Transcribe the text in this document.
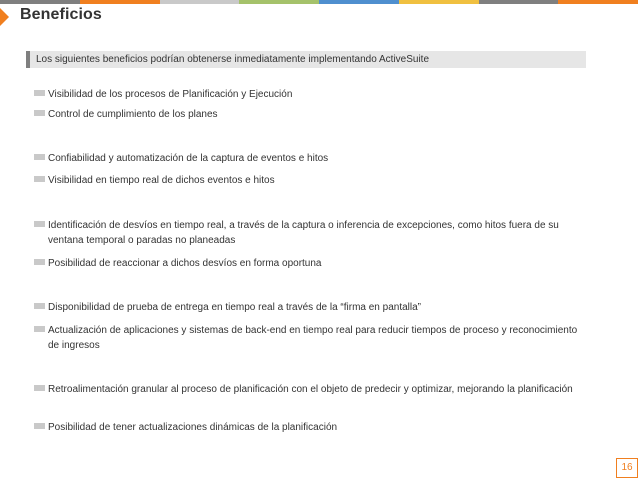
Beneficios
Los siguientes beneficios podrían obtenerse inmediatamente implementando ActiveSuite
Visibilidad de los procesos de Planificación y Ejecución
Control de cumplimiento de los planes
Confiabilidad y automatización de la captura de eventos e hitos
Visibilidad en tiempo real de dichos eventos e hitos
Identificación de desvíos en tiempo real, a través de la captura o inferencia de excepciones, como hitos fuera de su ventana temporal o paradas no planeadas
Posibilidad de reaccionar a dichos desvíos en forma oportuna
Disponibilidad de prueba de entrega en tiempo real a través de la “firma en pantalla”
Actualización de aplicaciones y sistemas de back-end en tiempo real para reducir tiempos de proceso y reconocimiento de ingresos
Retroalimentación granular al proceso de planificación con el objeto de predecir y optimizar, mejorando la planificación
Posibilidad de tener actualizaciones dinámicas de la planificación
16
